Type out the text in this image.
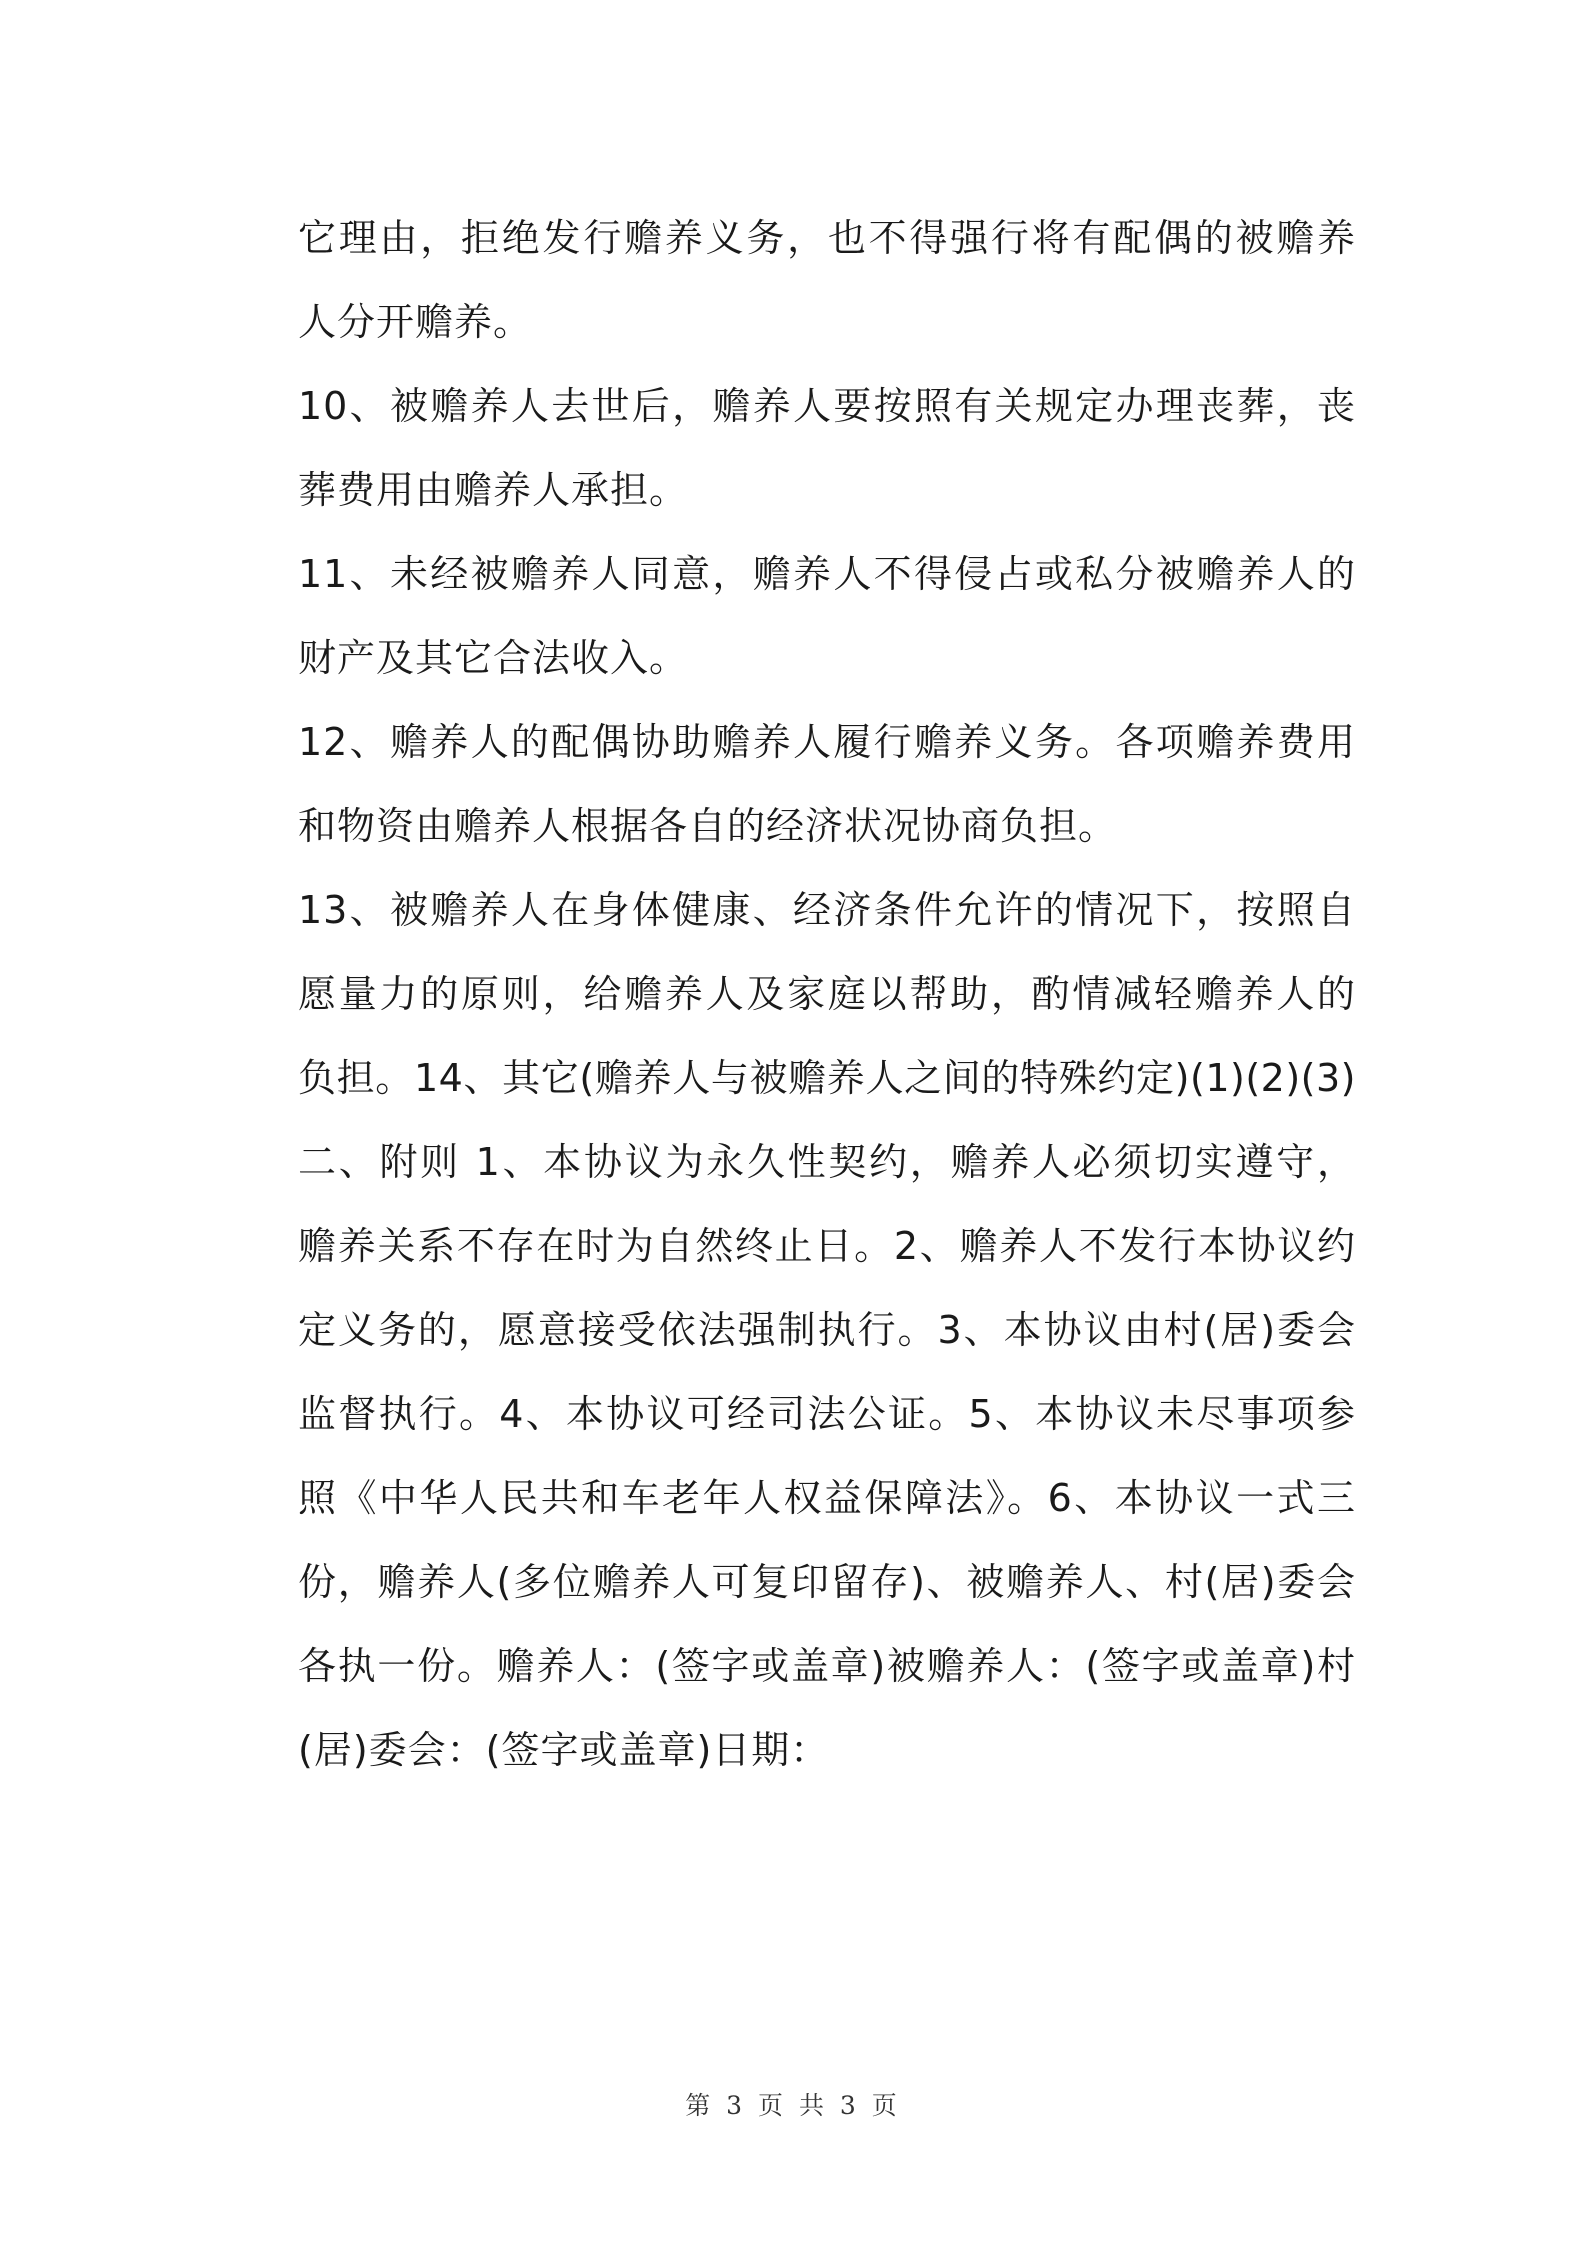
它理由，拒绝发行赡养义务，也不得强行将有配偶的被赡养
人分开赡养。
10、被赡养人去世后，赡养人要按照有关规定办理丧葬，丧
葬费用由赡养人承担。
11、未经被赡养人同意，赡养人不得侵占或私分被赡养人的
财产及其它合法收入。
12、赡养人的配偶协助赡养人履行赡养义务。各项赡养费用
和物资由赡养人根据各自的经济状况协商负担。
13、被赡养人在身体健康、经济条件允许的情况下，按照自
愿量力的原则，给赡养人及家庭以帮助，酌情减轻赡养人的
负担。14、其它(赡养人与被赡养人之间的特殊约定)(1)(2)(3)
二、附则 1、本协议为永久性契约，赡养人必须切实遵守，
赡养关系不存在时为自然终止日。2、赡养人不发行本协议约
定义务的，愿意接受依法强制执行。3、本协议由村(居)委会
监督执行。4、本协议可经司法公证。5、本协议未尽事项参
照《中华人民共和车老年人权益保障法》。6、本协议一式三
份，赡养人(多位赡养人可复印留存)、被赡养人、村(居)委会
各执一份。赡养人：(签字或盖章)被赡养人：(签字或盖章)村
(居)委会：(签字或盖章)日期：
第 3 页 共 3 页
